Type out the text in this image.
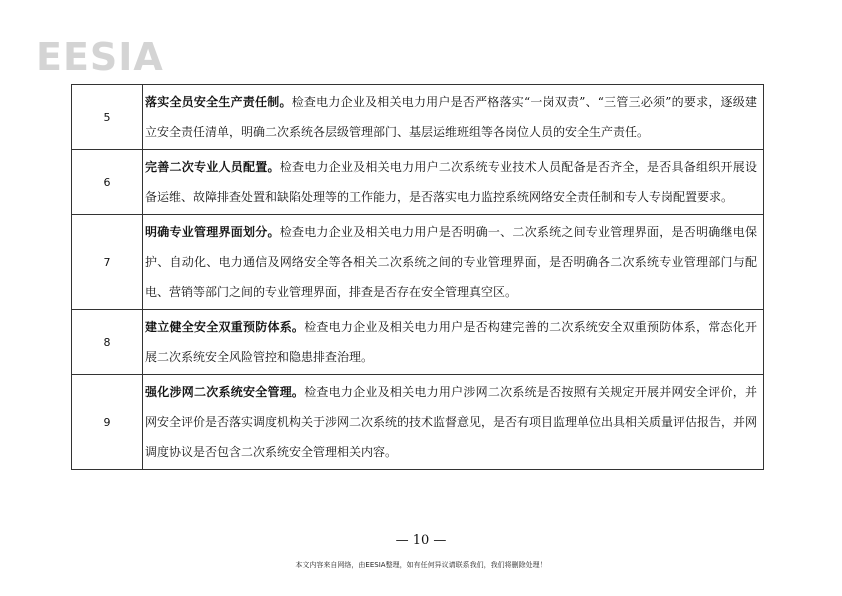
EESIA
5	落实全员安全生产责任制。检查电力企业及相关电力用户是否严格落实“一岗双责”、“三管三必须”的要求，逐级建立安全责任清单，明确二次系统各层级管理部门、基层运维班组等各岗位人员的安全生产责任。
6	完善二次专业人员配置。检查电力企业及相关电力用户二次系统专业技术人员配备是否齐全，是否具备组织开展设备运维、故障排查处置和缺陷处理等的工作能力，是否落实电力监控系统网络安全责任制和专人专岗配置要求。
7	明确专业管理界面划分。检查电力企业及相关电力用户是否明确一、二次系统之间专业管理界面，是否明确继电保护、自动化、电力通信及网络安全等各相关二次系统之间的专业管理界面，是否明确各二次系统专业管理部门与配电、营销等部门之间的专业管理界面，排查是否存在安全管理真空区。
8	建立健全安全双重预防体系。检查电力企业及相关电力用户是否构建完善的二次系统安全双重预防体系，常态化开展二次系统安全风险管控和隐患排查治理。
9	强化涉网二次系统安全管理。检查电力企业及相关电力用户涉网二次系统是否按照有关规定开展并网安全评价，并网安全评价是否落实调度机构关于涉网二次系统的技术监督意见，是否有项目监理单位出具相关质量评估报告，并网调度协议是否包含二次系统安全管理相关内容。
— 10 —
本文内容来自网络，由EESIA整理，如有任何异议请联系我们，我们将删除处理！
